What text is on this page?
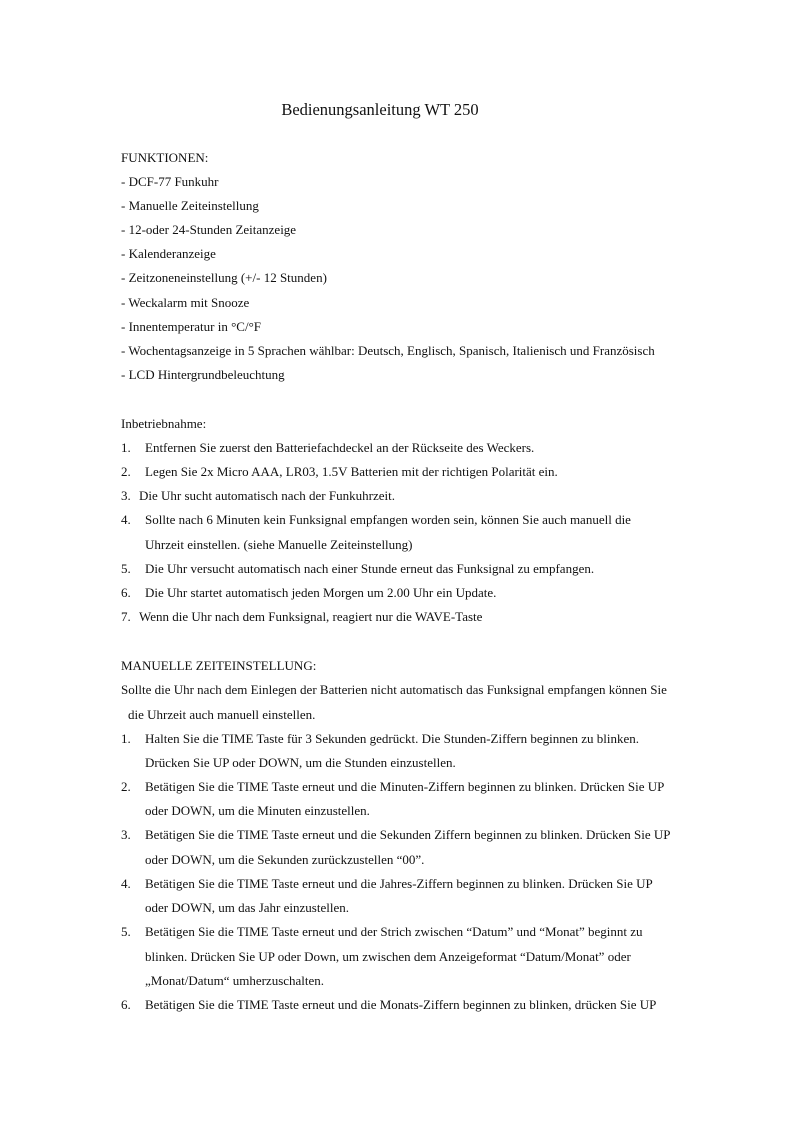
Bedienungsanleitung WT 250
FUNKTIONEN:
- DCF-77 Funkuhr
- Manuelle Zeiteinstellung
- 12-oder 24-Stunden Zeitanzeige
- Kalenderanzeige
- Zeitzoneneinstellung (+/- 12 Stunden)
- Weckalarm mit Snooze
- Innentemperatur in °C/°F
- Wochentagsanzeige in 5 Sprachen wählbar: Deutsch, Englisch, Spanisch, Italienisch und Französisch
- LCD Hintergrundbeleuchtung
Inbetriebnahme:
1. Entfernen Sie zuerst den Batteriefachdeckel an der Rückseite des Weckers.
2. Legen Sie 2x Micro AAA, LR03, 1.5V Batterien mit der richtigen Polarität ein.
3. Die Uhr sucht automatisch nach der Funkuhrzeit.
4. Sollte nach 6 Minuten kein Funksignal empfangen worden sein, können Sie auch manuell die
Uhrzeit einstellen. (siehe Manuelle Zeiteinstellung)
5. Die Uhr versucht automatisch nach einer Stunde erneut das Funksignal zu empfangen.
6. Die Uhr startet automatisch jeden Morgen um 2.00 Uhr ein Update.
7. Wenn die Uhr nach dem Funksignal, reagiert nur die WAVE-Taste
MANUELLE ZEITEINSTELLUNG:
Sollte die Uhr nach dem Einlegen der Batterien nicht automatisch das Funksignal empfangen können Sie
die Uhrzeit auch manuell einstellen.
1. Halten Sie die TIME Taste für 3 Sekunden gedrückt. Die Stunden-Ziffern beginnen zu blinken.
Drücken Sie UP oder DOWN, um die Stunden einzustellen.
2. Betätigen Sie die TIME Taste erneut und die Minuten-Ziffern beginnen zu blinken. Drücken Sie UP
oder DOWN, um die Minuten einzustellen.
3. Betätigen Sie die TIME Taste erneut und die Sekunden Ziffern beginnen zu blinken. Drücken Sie UP
oder DOWN, um die Sekunden zurückzustellen “00”.
4. Betätigen Sie die TIME Taste erneut und die Jahres-Ziffern beginnen zu blinken. Drücken Sie UP
oder DOWN, um das Jahr einzustellen.
5. Betätigen Sie die TIME Taste erneut und der Strich zwischen “Datum” und “Monat” beginnt zu
blinken. Drücken Sie UP oder Down, um zwischen dem Anzeigeformat “Datum/Monat” oder
„Monat/Datum“ umherzuschalten.
6. Betätigen Sie die TIME Taste erneut und die Monats-Ziffern beginnen zu blinken, drücken Sie UP
